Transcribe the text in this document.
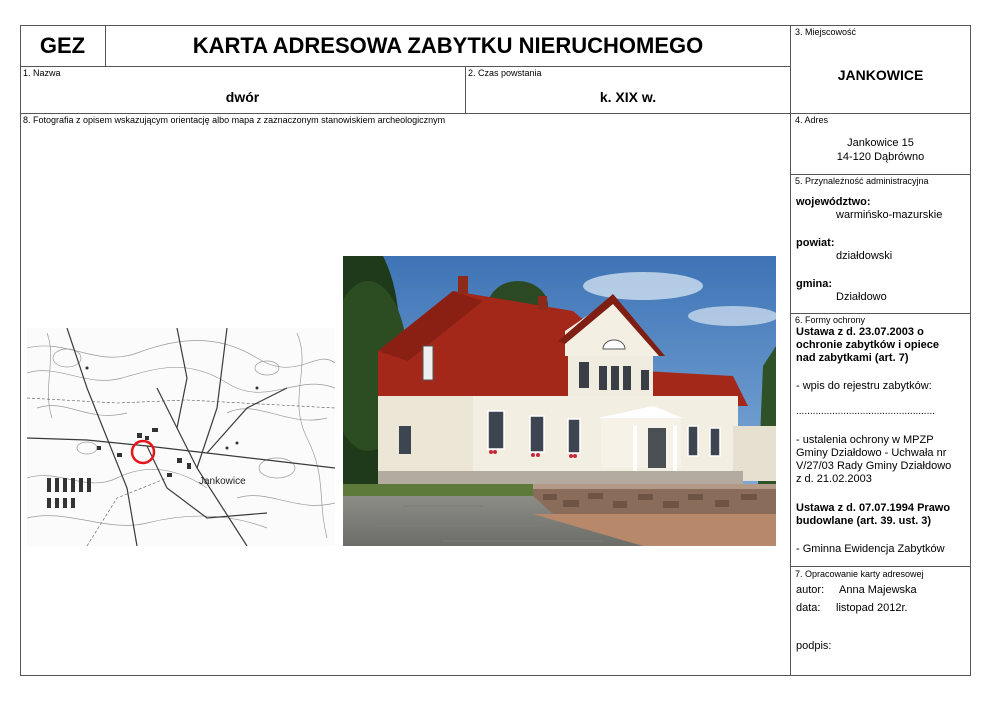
GEZ	KARTA ADRESOWA ZABYTKU NIERUCHOMEGO
1. Nazwa
dwór
2. Czas powstania
k. XIX w.
3. Miejscowość
JANKOWICE
4. Adres
Jankowice 15
14-120 Dąbrówno
5. Przynależność administracyjna
województwo:
warmińsko-mazurskie
powiat:
działdowski
gmina:
Działdowo
6. Formy ochrony
Ustawa z d. 23.07.2003 o
ochronie zabytków i opiece
nad zabytkami (art. 7)
- wpis do rejestru zabytków:
..................................................
- ustalenia ochrony w MPZP
Gminy Działdowo - Uchwała nr
V/27/03 Rady Gminy Działdowo
z d. 21.02.2003
Ustawa z d. 07.07.1994 Prawo
budowlane (art. 39. ust. 3)
- Gminna Ewidencja Zabytków
7. Opracowanie karty adresowej
autor: Anna Majewska
data: listopad 2012r.
podpis:
8. Fotografia z opisem wskazującym orientację albo mapa z zaznaczonym stanowiskiem archeologicznym
Jankowice
